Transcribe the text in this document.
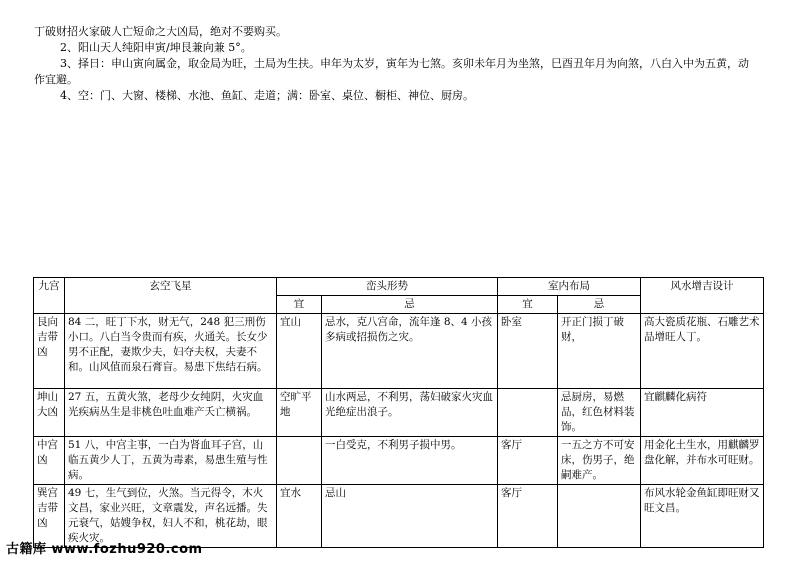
丁破财招火家破人亡短命之大凶局，绝对不要购买。

2、阳山天人纯阳申寅/坤艮兼向兼 5°。

3、择日：申山寅向属金，取金局为旺，土局为生扶。申年为太岁，寅年为七煞。亥卯未年月为坐煞，巳酉丑年月为向煞，八白入中为五黄，动

作宜避。

4、空：门、大窗、楼梯、水池、鱼缸、走道；满：卧室、桌位、橱柜、神位、厨房。

九宫	玄空飞星	峦头形势		室内布局		风水增吉设计
		宜	忌	宜	忌	
艮向吉带凶	84 二，旺丁下水，财无气，248 犯三刑伤小口。八白当令贵而有疾，火通关。长女少男不正配，妻欺少夫，妇夺夫权，夫妻不和。山风值而泉石膏盲。易患下焦结石病。	宜山	忌水，克八宫命，流年逢 8、4 小孩多病或招损伤之灾。	卧室	开正门损丁破财，	高大瓷质花瓶、石雕艺术品增旺人丁。
坤山大凶	27 五，五黄火煞，老母少女纯阴，火灾血光疾病丛生是非桃色吐血难产夭亡横祸。	空旷平地	山水两忌，不利男，荡妇破家火灾血光绝症出浪子。		忌厨房，易燃品，红色材料装饰。	宜麒麟化病符
中宫凶	51 八，中宫主事，一白为肾血耳子宫，山临五黄少人丁，五黄为毒素，易患生殖与性病。		一白受克，不利男子损中男。	客厅	一五之方不可安床，伤男子，绝嗣难产。	用金化土生水，用麒麟罗盘化解，并布水可旺财。
巽宫吉带凶	49 七，生气到位，火煞。当元得令，木火文昌，家业兴旺，文章震发，声名远播。失元衰气，姑嫂争权，妇人不和，桃花劫，眼疾火灾。	宜水	忌山	客厅		布风水轮金鱼缸即旺财又旺文昌。
古籍库 www.fozhu920.com
